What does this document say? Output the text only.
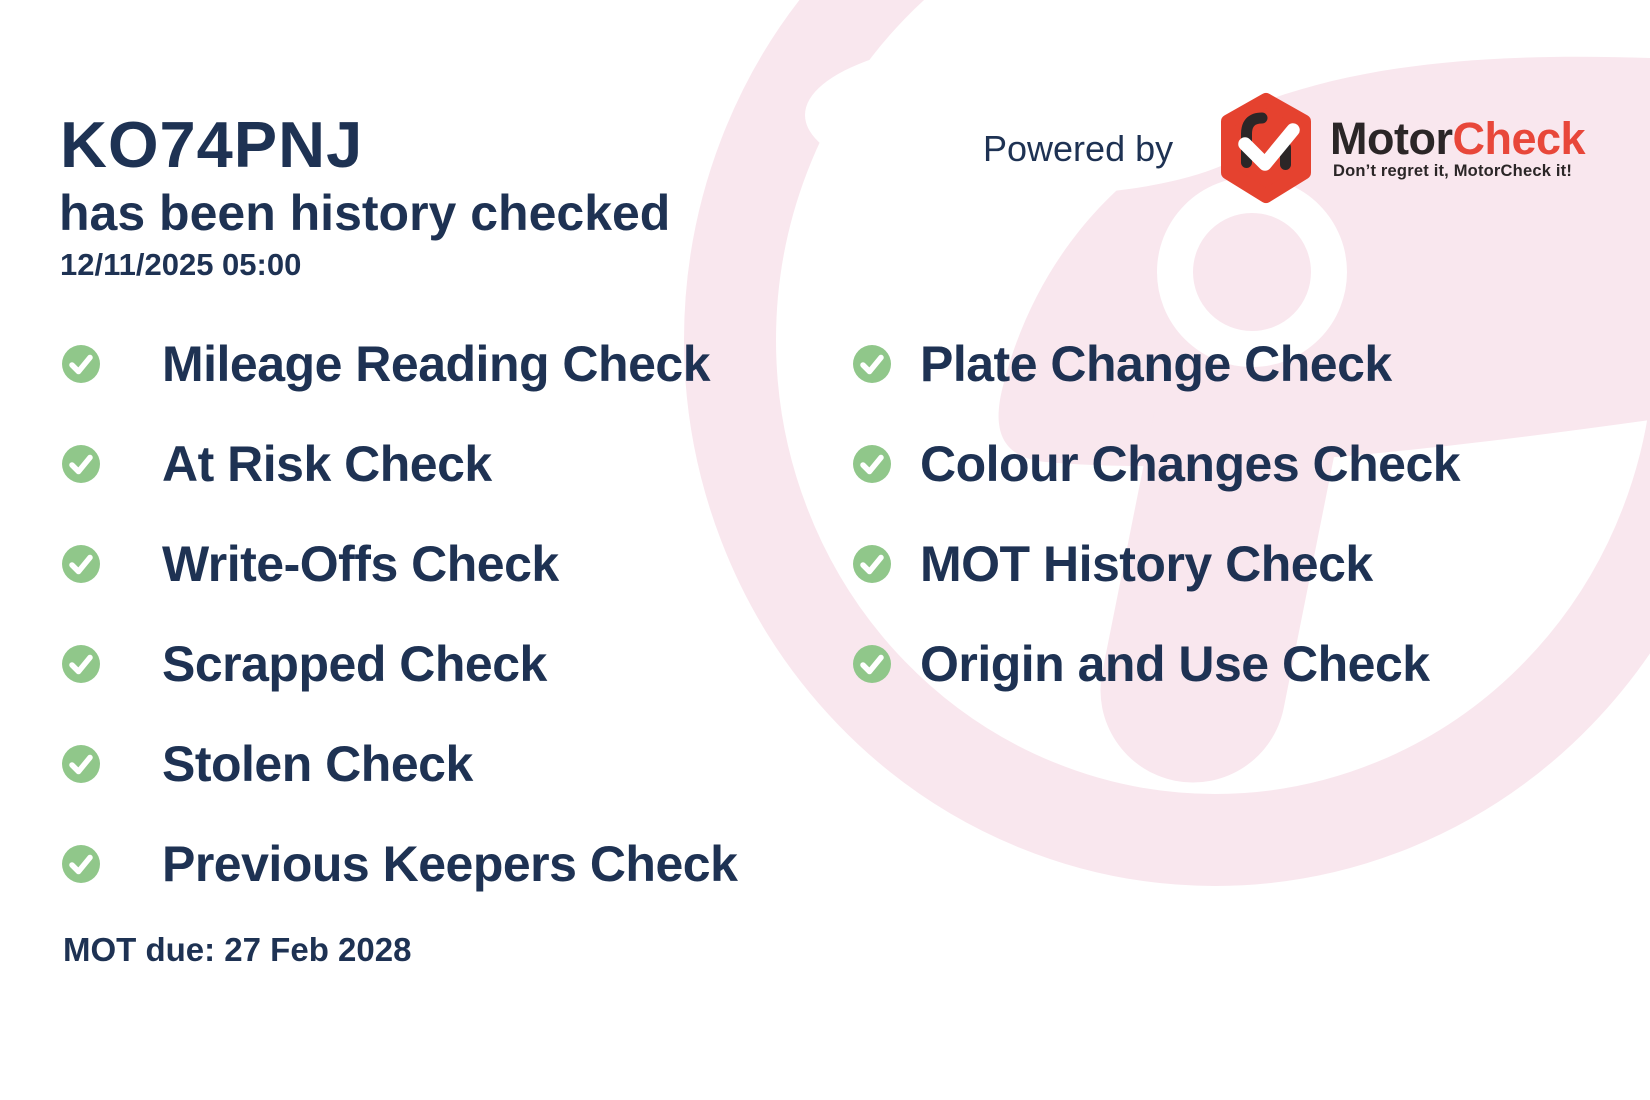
KO74PNJ
has been history checked
12/11/2025 05:00
Powered by	MotorCheck
Don’t regret it, MotorCheck it!
Mileage Reading Check
At Risk Check
Write-Offs Check
Scrapped Check
Stolen Check
Previous Keepers Check
Plate Change Check
Colour Changes Check
MOT History Check
Origin and Use Check
MOT due: 27 Feb 2028
